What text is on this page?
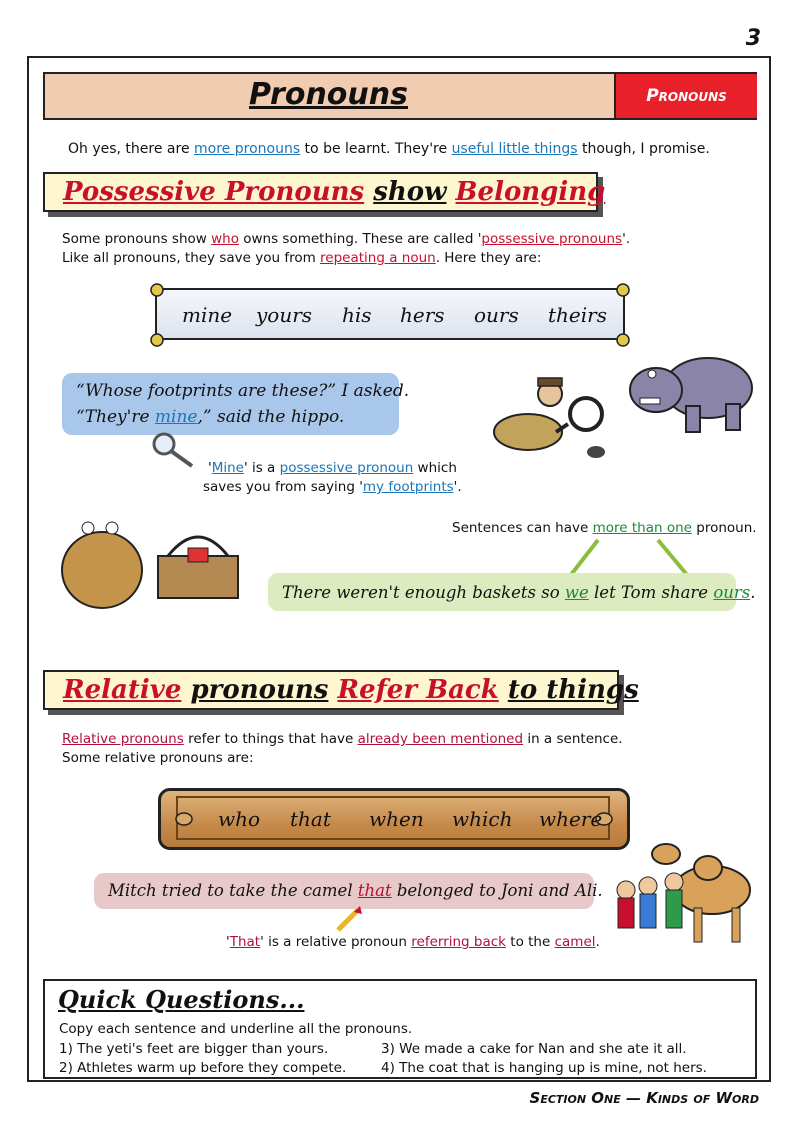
3
Pronouns	Pronouns
Oh yes, there are more pronouns to be learnt. They're useful little things though, I promise.
Possessive Pronouns
show
Belonging
Some pronouns show who owns something. These are called 'possessive pronouns'.
Like all pronouns, they save you from repeating a noun. Here they are:
mine yours his hers ours theirs
“Whose footprints are these?” I asked.
“They're mine,” said the hippo.
'Mine' is a possessive pronoun which
saves you from saying 'my footprints'.
Sentences can have more than one pronoun.
There weren't enough baskets so we let Tom share ours.
Relative
pronouns
Refer Back
to things
Relative pronouns refer to things that have already been mentioned in a sentence.
Some relative pronouns are:
who that when which where
Mitch tried to take the camel that belonged to Joni and Ali.
'That' is a relative pronoun referring back to the camel.
Quick Questions...
Copy each sentence and underline all the pronouns.
1) The yeti's feet are bigger than yours.
2) Athletes warm up before they compete.
3) We made a cake for Nan and she ate it all.
4) The coat that is hanging up is mine, not hers.
Section One — Kinds of Word
